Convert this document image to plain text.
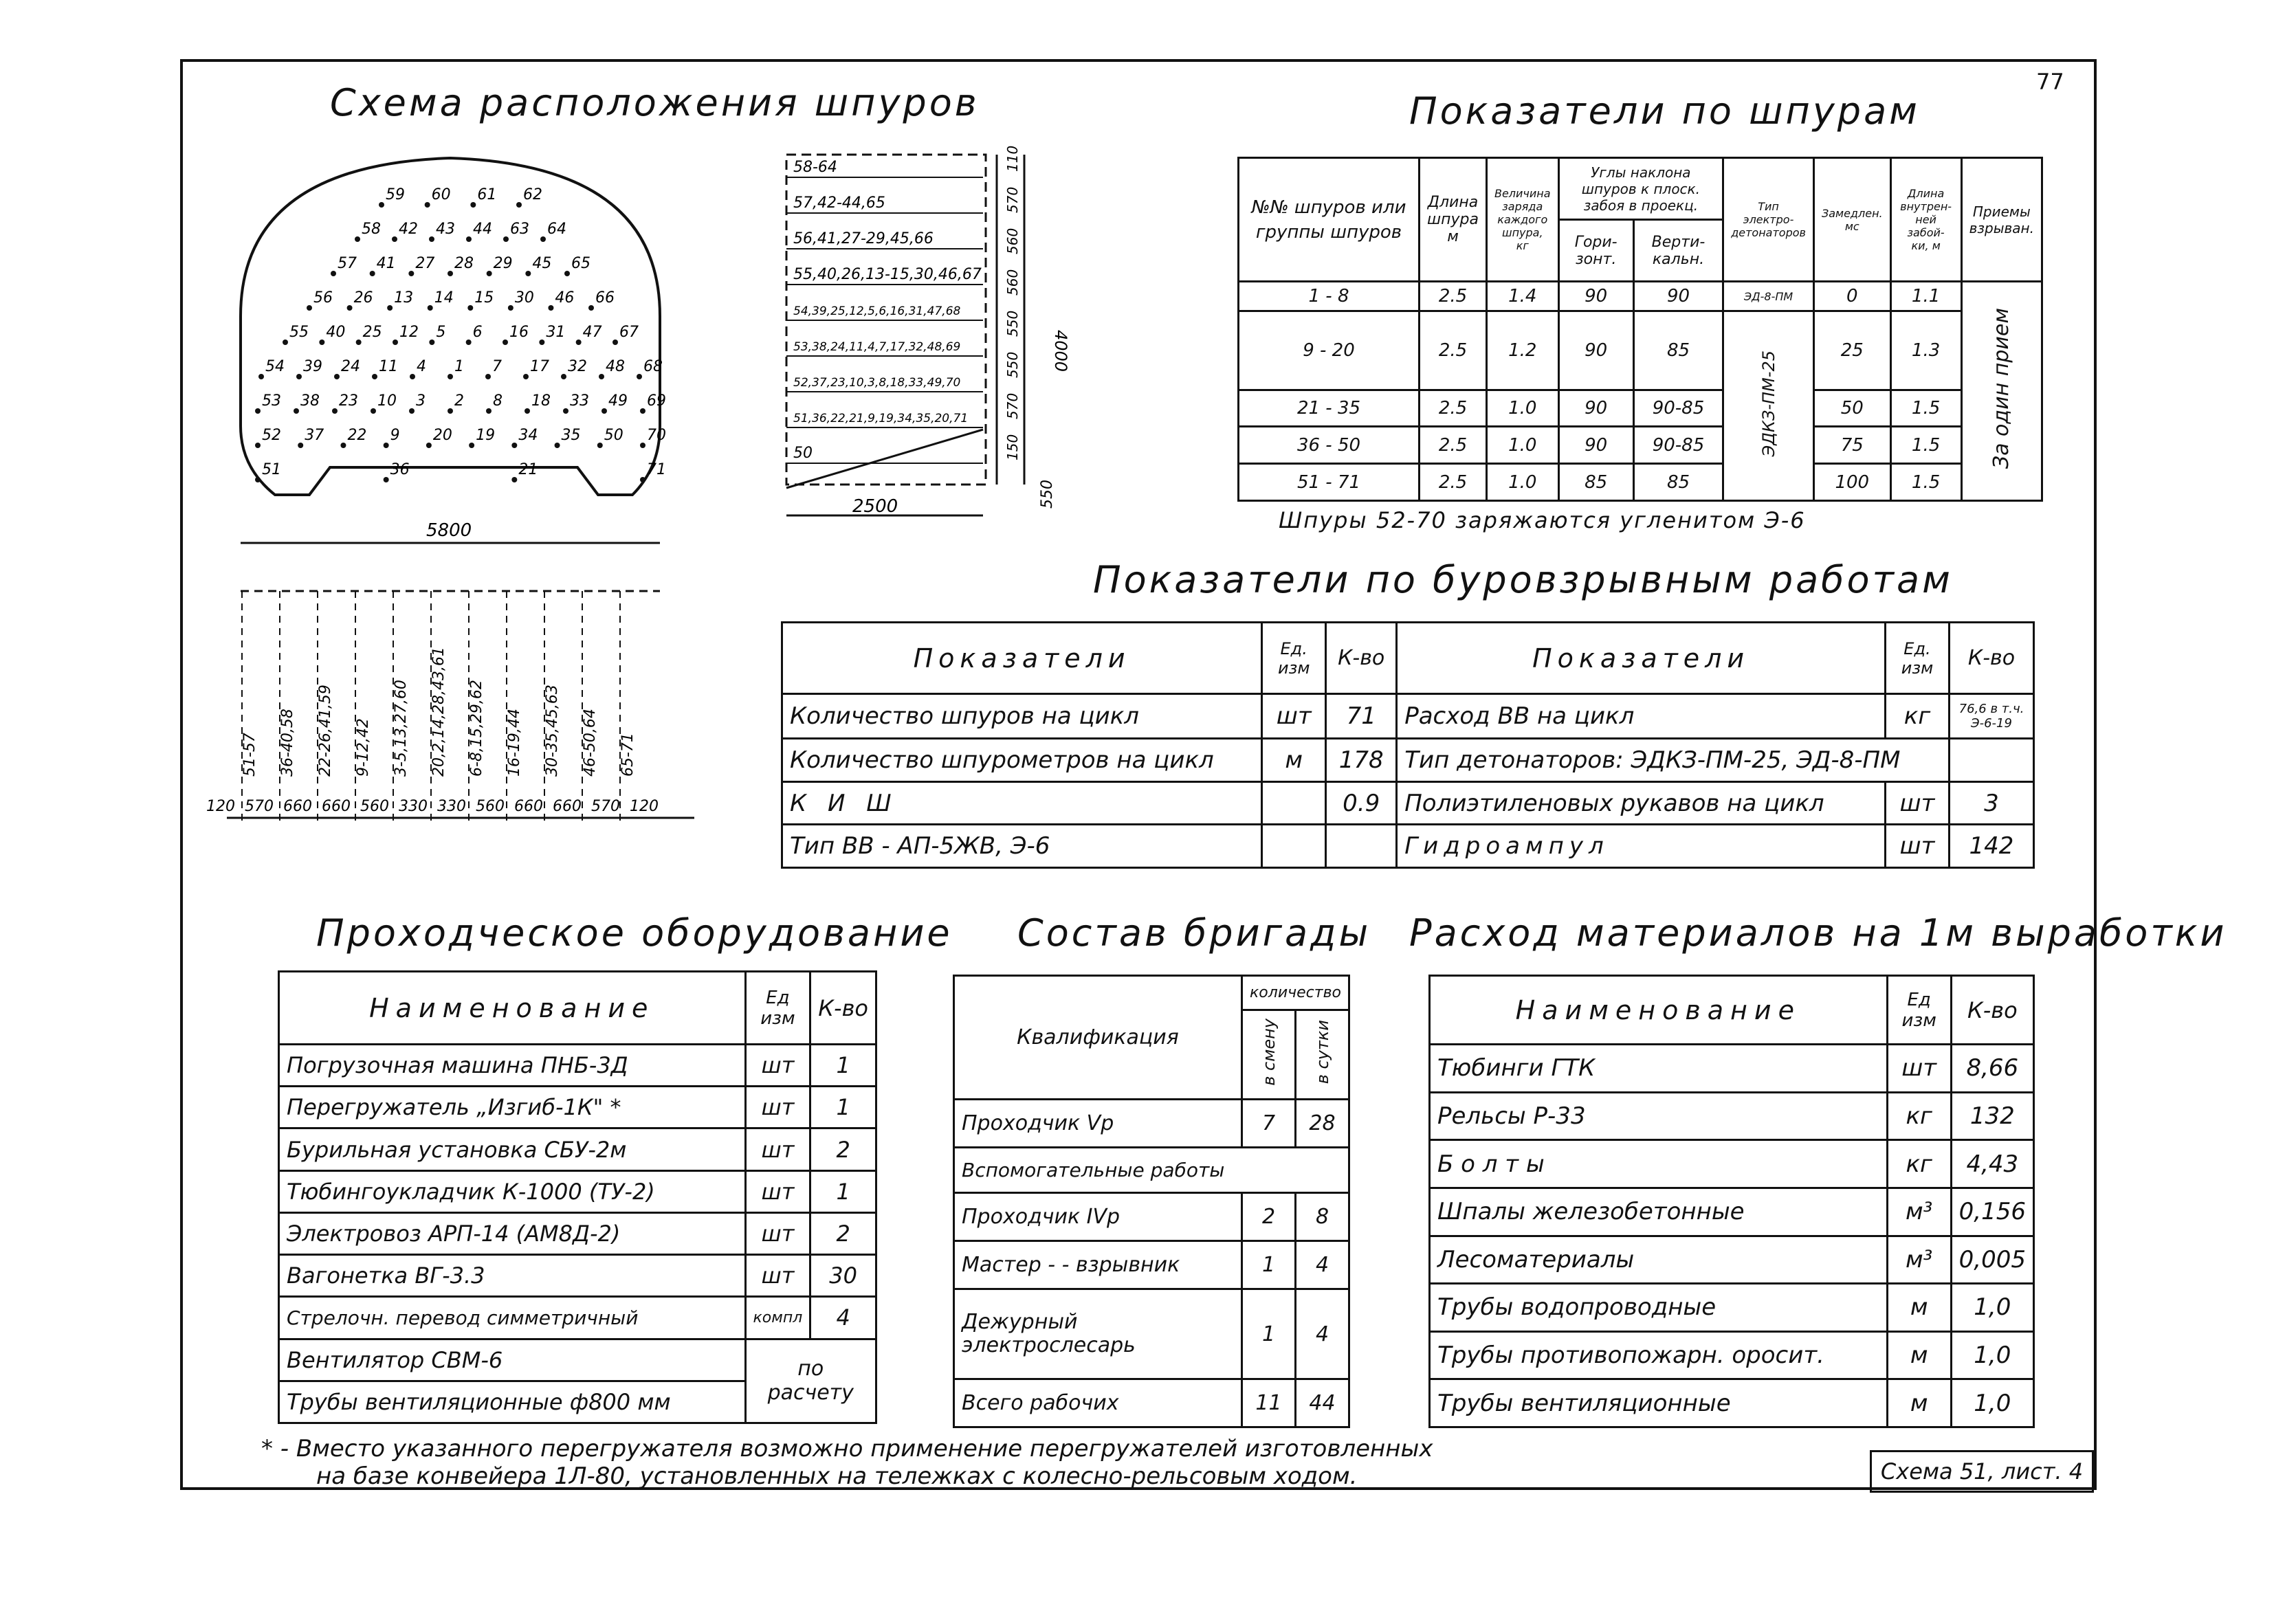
77
Схема расположения шпуров
59 60 61 62
58 42 43 44 63 64
57 41 27 28 29 45 65
56 26 13 14 15 30 46 66
55 40 25 12 5 6 16 31 47 67
54 39 24 11 4 1 7 17 32 48 68
53 38 23 10 3 2 8 18 33 49 69
52 37 22 9 20 19 34 35 50 70
51	36	21	71
5800
51-57 36-40,58 22-26,41,59 9-12,42 3-5,13,27,60 20,2,14,28,43,61 6-8,15,29,62 16-19,44 30-35,45,63 46-50,64 65-71
120 570 660 660 560 330 330 560 660 660 570 120
58-64
57,42-44,65
56,41,27-29,45,66
55,40,26,13-15,30,46,67
54,39,25,12,5,6,16,31,47,68
53,38,24,11,4,7,17,32,48,69
52,37,23,10,3,8,18,33,49,70
51,36,22,21,9,19,34,35,20,71
50
110
570
560
560
550
550
570
150
4000
550
2500
Показатели по шпурам
№№ шпуров или группы шпуров	Длина шпура м	Величина заряда каждого шпура, кг	Углы наклона шпуров к плоск. забоя в проекц.		Тип электро- детонаторов	Замедлен. мс	Длина внутрен- ней забой- ки, м	Приемы взрыван.
			Гори- зонт.	Верти- кальн.				
1 - 8	2.5	1.4	90	90	ЭД-8-ПМ	0	1.1	За один прием
9 - 20	2.5	1.2	90	85	ЭДКЗ-ПМ-25	25	1.3	
21 - 35	2.5	1.0	90	90-85		50	1.5	
36 - 50	2.5	1.0	90	90-85		75	1.5	
51 - 71	2.5	1.0	85	85		100	1.5	
Шпуры 52-70 заряжаются угленитом Э-6
Показатели по буровзрывным работам
Показатели	Ед. изм	К-во	Показатели	Ед. изм	К-во
Количество шпуров на цикл	шт	71	Расход ВВ на цикл	кг	76,6 в т.ч. Э-6-19
Количество шпурометров на цикл	м	178	Тип детонаторов: ЭДКЗ-ПМ-25, ЭД-8-ПМ		
К И Ш		0.9	Полиэтиленовых рукавов на цикл	шт	3
Тип ВВ - АП-5ЖВ, Э-6			Гидроампул	шт	142
Проходческое оборудование
Наименование	Ед изм	К-во
Погрузочная машина ПНБ-3Д	шт	1
Перегружатель „Изгиб-1К" *	шт	1
Бурильная установка СБУ-2м	шт	2
Тюбингоукладчик К-1000 (ТУ-2)	шт	1
Электровоз АРП-14 (АМ8Д-2)	шт	2
Вагонетка ВГ-3.3	шт	30
Стрелочн. перевод симметричный	компл	4
Вентилятор СВМ-6	по расчету	
Трубы вентиляционные ф800 мм		
Состав бригады
Квалификация	количество	
	в смену	в сутки
Проходчик Vр	7	28
Вспомогательные работы		
Проходчик IVр	2	8
Мастер - - взрывник	1	4
Дежурный электрослесарь	1	4
Всего рабочих	11	44
Расход материалов на 1м выработки
Наименование	Ед изм	К-во
Тюбинги ГТК	шт	8,66
Рельсы Р-33	кг	132
Б о л т ы	кг	4,43
Шпалы железобетонные	м³	0,156
Лесоматериалы	м³	0,005
Трубы водопроводные	м	1,0
Трубы противопожарн. оросит.	м	1,0
Трубы вентиляционные	м	1,0
* - Вместо указанного перегружателя возможно применение перегружателей изготовленных
на базе конвейера 1Л-80, установленных на тележках с колесно-рельсовым ходом.	Схема 51, лист. 4
